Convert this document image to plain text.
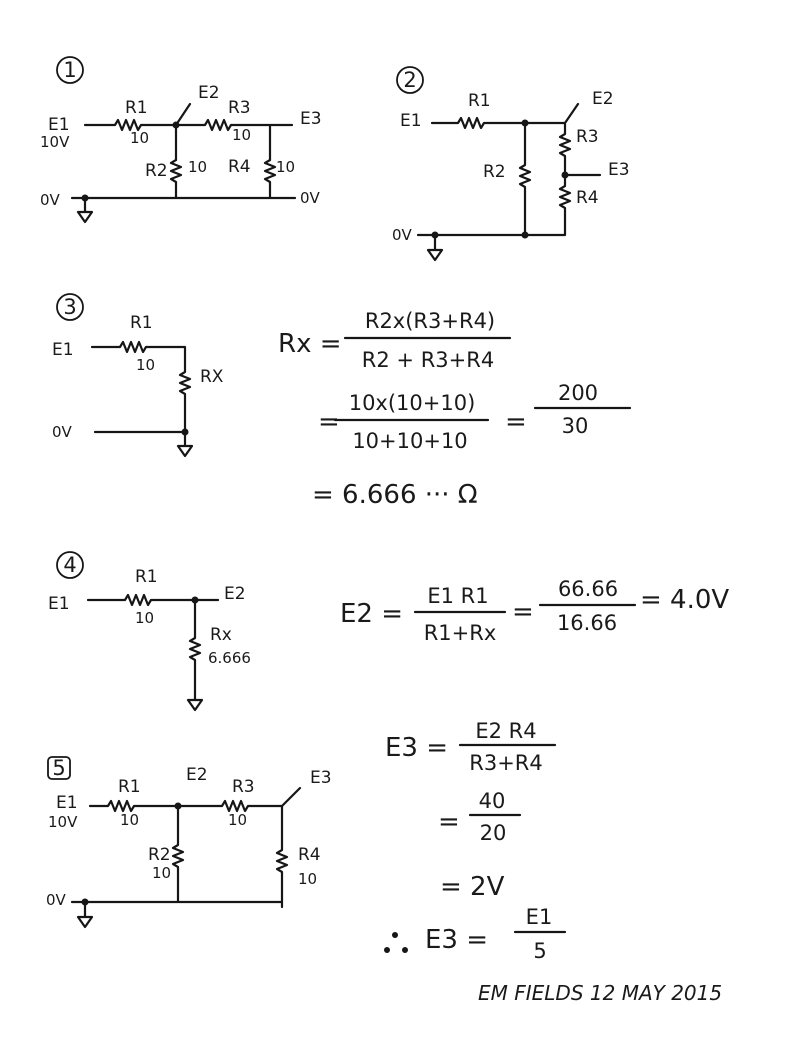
1
E1
10V
R1
10
E2
R3
10
E3
R2 10 R4 10
0V	0V
2
E1
R1	E2
R2
R3
E3
R4
0V
3
E1
R1
10
RX
0V
Rx =
R2x(R3+R4)
R2 + R3+R4
=
10x(10+10)
10+10+10
=
200
30
= 6.666 ··· Ω
4
E1
R1
10
E2
Rx
6.666
E2 =
E1 R1
R1+Rx
=
66.66
16.66
= 4.0V
5
E1
10V
R1
10
E2
R3
10
E3
R2
10
R4
10
0V
E3 =
E2 R4
R3+R4
=
40
20
= 2V
E3 =
E1
5
EM FIELDS 12 MAY 2015
